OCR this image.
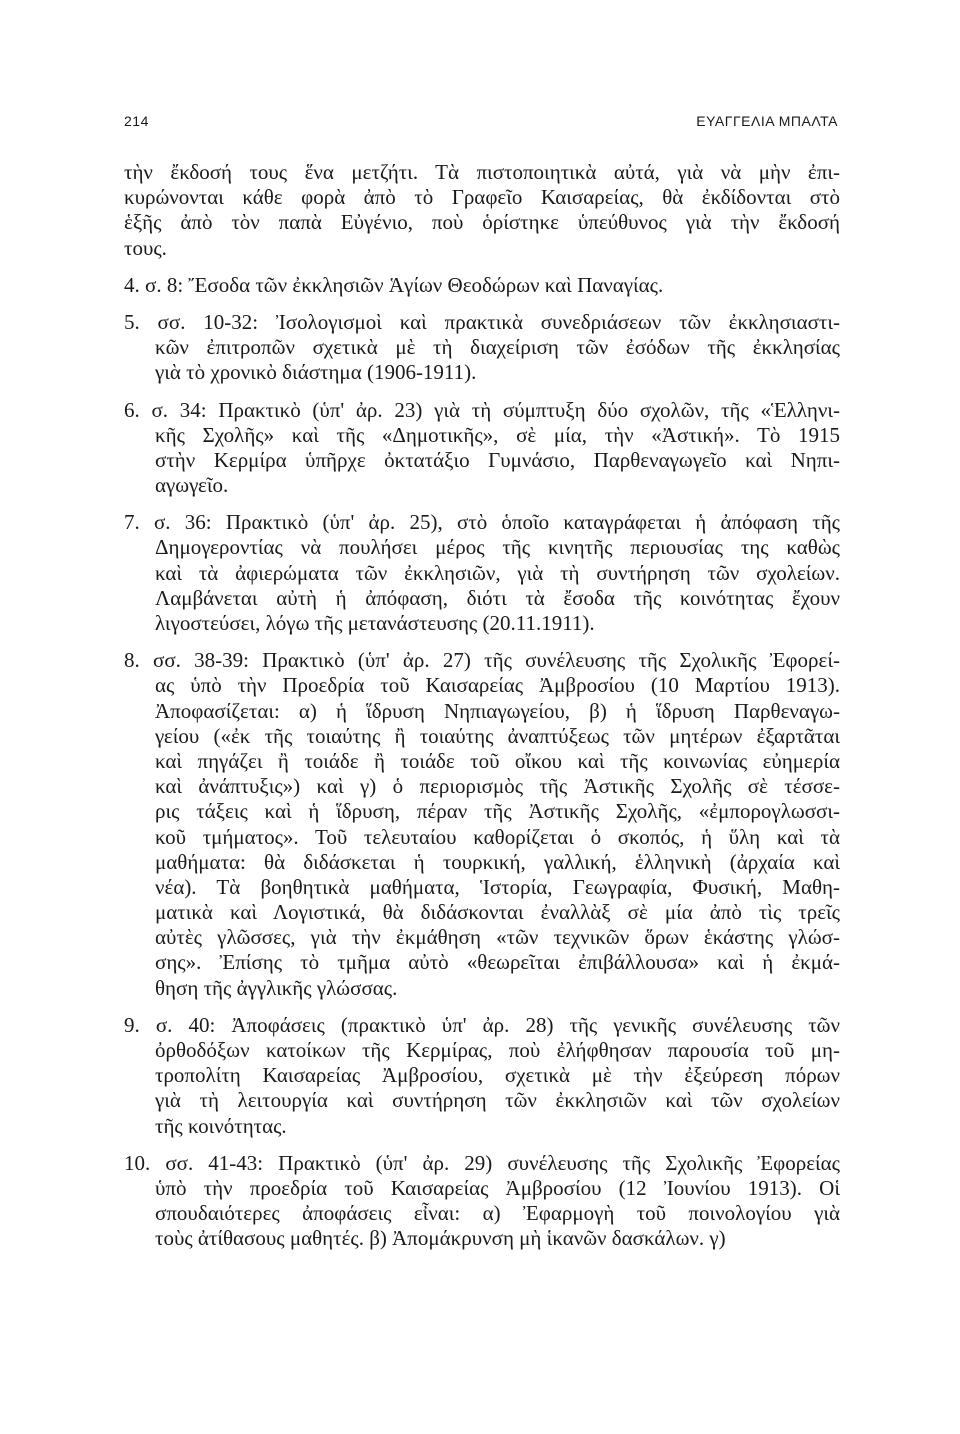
214	ΕΥΑΓΓΕΛΙΑ ΜΠΑΛΤΑ
τὴν ἔκδοσή τους ἕνα μετζήτι. Τὰ πιστοποιητικὰ αὐτά, γιὰ νὰ μὴν ἐπι-
κυρώνονται κάθε φορὰ ἀπὸ τὸ Γραφεῖο Καισαρείας, θὰ ἐκδίδονται στὸ
ἑξῆς ἀπὸ τὸν παπὰ Εὐγένιο, ποὺ ὁρίστηκε ὑπεύθυνος γιὰ τὴν ἔκδοσή
τους.
4. σ. 8: Ἔσοδα τῶν ἐκκλησιῶν Ἁγίων Θεοδώρων καὶ Παναγίας.
5. σσ. 10-32: Ἰσολογισμοὶ καὶ πρακτικὰ συνεδριάσεων τῶν ἐκκλησιαστι-
κῶν ἐπιτροπῶν σχετικὰ μὲ τὴ διαχείριση τῶν ἐσόδων τῆς ἐκκλησίας
γιὰ τὸ χρονικὸ διάστημα (1906-1911).
6. σ. 34: Πρακτικὸ (ὑπ' ἀρ. 23) γιὰ τὴ σύμπτυξη δύο σχολῶν, τῆς «Ἑλληνι-
κῆς Σχολῆς» καὶ τῆς «Δημοτικῆς», σὲ μία, τὴν «Ἀστική». Τὸ 1915
στὴν Κερμίρα ὑπῆρχε ὀκτατάξιο Γυμνάσιο, Παρθεναγωγεῖο καὶ Νηπι-
αγωγεῖο.
7. σ. 36: Πρακτικὸ (ὑπ' ἀρ. 25), στὸ ὁποῖο καταγράφεται ἡ ἀπόφαση τῆς
Δημογεροντίας νὰ πουλήσει μέρος τῆς κινητῆς περιουσίας της καθὼς
καὶ τὰ ἀφιερώματα τῶν ἐκκλησιῶν, γιὰ τὴ συντήρηση τῶν σχολείων.
Λαμβάνεται αὐτὴ ἡ ἀπόφαση, διότι τὰ ἔσοδα τῆς κοινότητας ἔχουν
λιγοστεύσει, λόγω τῆς μετανάστευσης (20.11.1911).
8. σσ. 38-39: Πρακτικὸ (ὑπ' ἀρ. 27) τῆς συνέλευσης τῆς Σχολικῆς Ἐφορεί-
ας ὑπὸ τὴν Προεδρία τοῦ Καισαρείας Ἀμβροσίου (10 Μαρτίου 1913).
Ἀποφασίζεται: α) ἡ ἵδρυση Νηπιαγωγείου, β) ἡ ἵδρυση Παρθεναγω-
γείου («ἐκ τῆς τοιαύτης ἢ τοιαύτης ἀναπτύξεως τῶν μητέρων ἐξαρτᾶται
καὶ πηγάζει ἢ τοιάδε ἢ τοιάδε τοῦ οἴκου καὶ τῆς κοινωνίας εὐημερία
καὶ ἀνάπτυξις») καὶ γ) ὁ περιορισμὸς τῆς Ἀστικῆς Σχολῆς σὲ τέσσε-
ρις τάξεις καὶ ἡ ἵδρυση, πέραν τῆς Ἀστικῆς Σχολῆς, «ἐμπορογλωσσι-
κοῦ τμήματος». Τοῦ τελευταίου καθορίζεται ὁ σκοπός, ἡ ὕλη καὶ τὰ
μαθήματα: θὰ διδάσκεται ἡ τουρκική, γαλλική, ἑλληνικὴ (ἀρχαία καὶ
νέα). Τὰ βοηθητικὰ μαθήματα, Ἱστορία, Γεωγραφία, Φυσική, Μαθη-
ματικὰ καὶ Λογιστικά, θὰ διδάσκονται ἐναλλὰξ σὲ μία ἀπὸ τὶς τρεῖς
αὐτὲς γλῶσσες, γιὰ τὴν ἐκμάθηση «τῶν τεχνικῶν ὅρων ἑκάστης γλώσ-
σης». Ἐπίσης τὸ τμῆμα αὐτὸ «θεωρεῖται ἐπιβάλλουσα» καὶ ἡ ἐκμά-
θηση τῆς ἀγγλικῆς γλώσσας.
9. σ. 40: Ἀποφάσεις (πρακτικὸ ὑπ' ἀρ. 28) τῆς γενικῆς συνέλευσης τῶν
ὀρθοδόξων κατοίκων τῆς Κερμίρας, ποὺ ἐλήφθησαν παρουσία τοῦ μη-
τροπολίτη Καισαρείας Ἀμβροσίου, σχετικὰ μὲ τὴν ἐξεύρεση πόρων
γιὰ τὴ λειτουργία καὶ συντήρηση τῶν ἐκκλησιῶν καὶ τῶν σχολείων
τῆς κοινότητας.
10. σσ. 41-43: Πρακτικὸ (ὑπ' ἀρ. 29) συνέλευσης τῆς Σχολικῆς Ἐφορείας
ὑπὸ τὴν προεδρία τοῦ Καισαρείας Ἀμβροσίου (12 Ἰουνίου 1913). Οἱ
σπουδαιότερες ἀποφάσεις εἶναι: α) Ἐφαρμογὴ τοῦ ποινολογίου γιὰ
τοὺς ἀτίθασους μαθητές. β) Ἀπομάκρυνση μὴ ἱκανῶν δασκάλων. γ)
